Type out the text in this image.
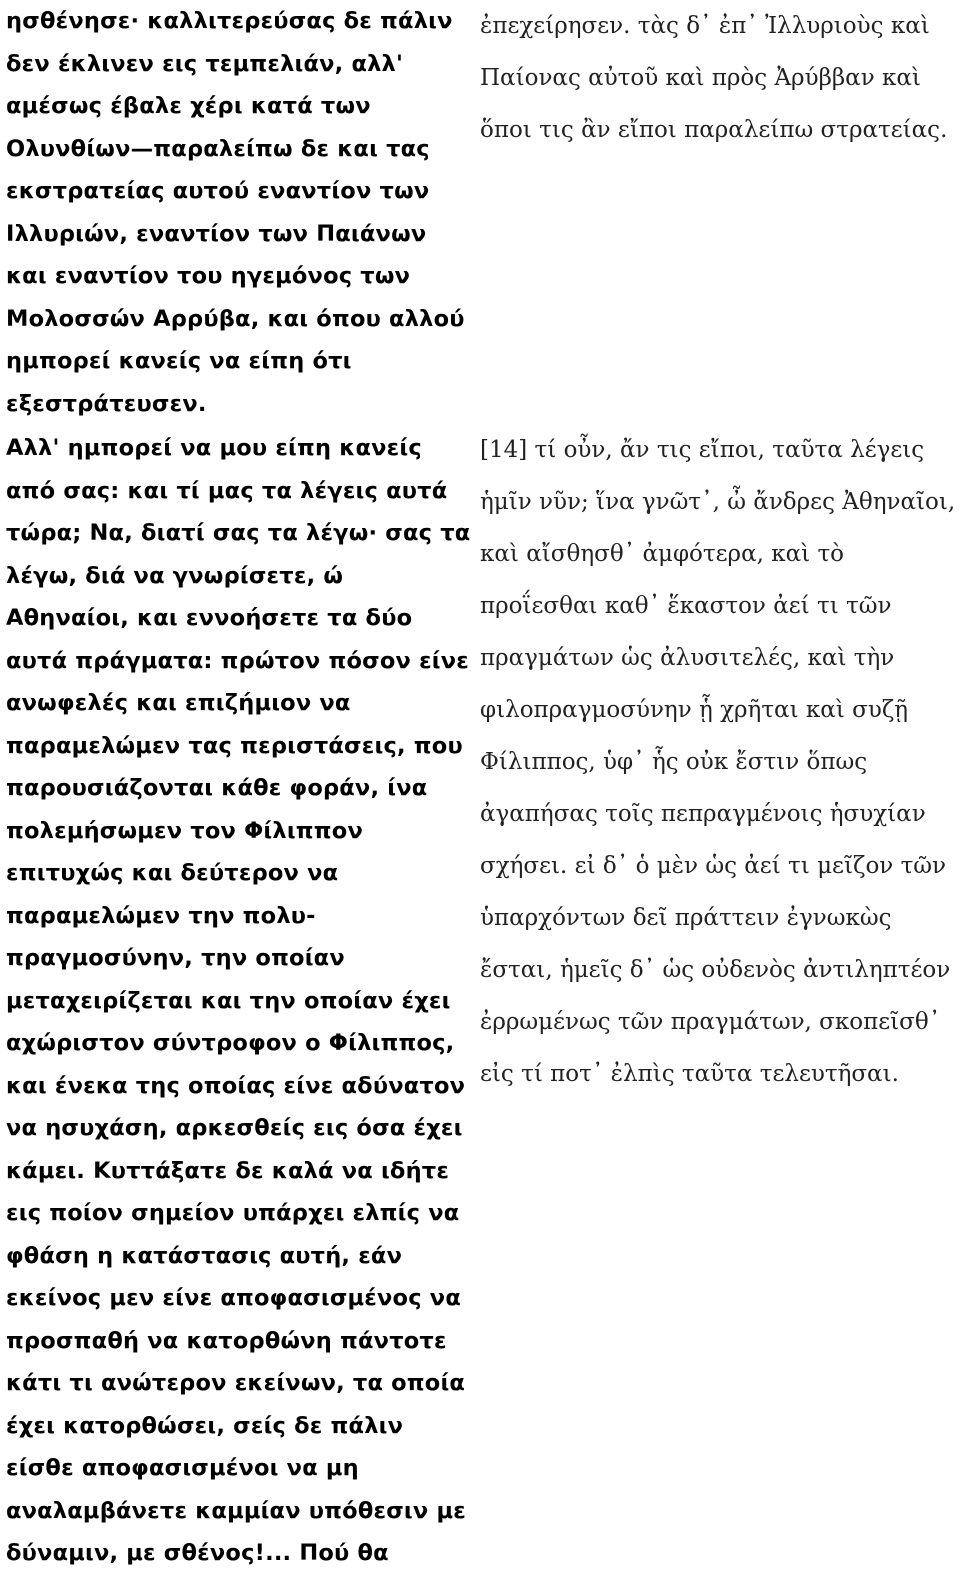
ησθένησε· καλλιτερεύσας δε πάλιν
δεν έκλινεν εις τεμπελιάν, αλλ'
αμέσως έβαλε χέρι κατά των
Ολυνθίων—παραλείπω δε και τας
εκστρατείας αυτού εναντίον των
Ιλλυριών, εναντίον των Παιάνων
και εναντίον του ηγεμόνος των
Μολοσσών Αρρύβα, και όπου αλλού
ημπορεί κανείς να είπη ότι
εξεστράτευσεν.
Αλλ' ημπορεί να μου είπη κανείς
από σας: και τί μας τα λέγεις αυτά
τώρα; Να, διατί σας τα λέγω· σας τα
λέγω, διά να γνωρίσετε, ώ
Αθηναίοι, και εννοήσετε τα δύο
αυτά πράγματα: πρώτον πόσον είνε
ανωφελές και επιζήμιον να
παραμελώμεν τας περιστάσεις, που
παρουσιάζονται κάθε φοράν, ίνα
πολεμήσωμεν τον Φίλιππον
επιτυχώς και δεύτερον να
παραμελώμεν την πολυ-
πραγμοσύνην, την οποίαν
μεταχειρίζεται και την οποίαν έχει
αχώριστον σύντροφον ο Φίλιππος,
και ένεκα της οποίας είνε αδύνατον
να ησυχάση, αρκεσθείς εις όσα έχει
κάμει. Κυττάξατε δε καλά να ιδήτε
εις ποίον σημείον υπάρχει ελπίς να
φθάση η κατάστασις αυτή, εάν
εκείνος μεν είνε αποφασισμένος να
προσπαθή να κατορθώνη πάντοτε
κάτι τι ανώτερον εκείνων, τα οποία
έχει κατορθώσει, σείς δε πάλιν
είσθε αποφασισμένοι να μη
αναλαμβάνετε καμμίαν υπόθεσιν με
δύναμιν, με σθένος!... Πού θα
ἐπεχείρησεν. τὰς δ᾽ ἐπ᾽ Ἰλλυριοὺς καὶ
Παίονας αὐτοῦ καὶ πρὸς Ἀρύββαν καὶ
ὅποι τις ἂν εἴποι παραλείπω στρατείας.
[14] τί οὖν, ἄν τις εἴποι, ταῦτα λέγεις
ἡμῖν νῦν; ἵνα γνῶτ᾽, ὦ ἄνδρες Ἀθηναῖοι,
καὶ αἴσθησθ᾽ ἀμφότερα, καὶ τὸ
προΐεσθαι καθ᾽ ἕκαστον ἀεί τι τῶν
πραγμάτων ὡς ἀλυσιτελές, καὶ τὴν
φιλοπραγμοσύνην ᾗ χρῆται καὶ συζῇ
Φίλιππος, ὑφ᾽ ἧς οὐκ ἔστιν ὅπως
ἀγαπήσας τοῖς πεπραγμένοις ἡσυχίαν
σχήσει. εἰ δ᾽ ὁ μὲν ὡς ἀεί τι μεῖζον τῶν
ὑπαρχόντων δεῖ πράττειν ἐγνωκὼς
ἔσται, ἡμεῖς δ᾽ ὡς οὐδενὸς ἀντιληπτέον
ἐρρωμένως τῶν πραγμάτων, σκοπεῖσθ᾽
εἰς τί ποτ᾽ ἐλπὶς ταῦτα τελευτῆσαι.
